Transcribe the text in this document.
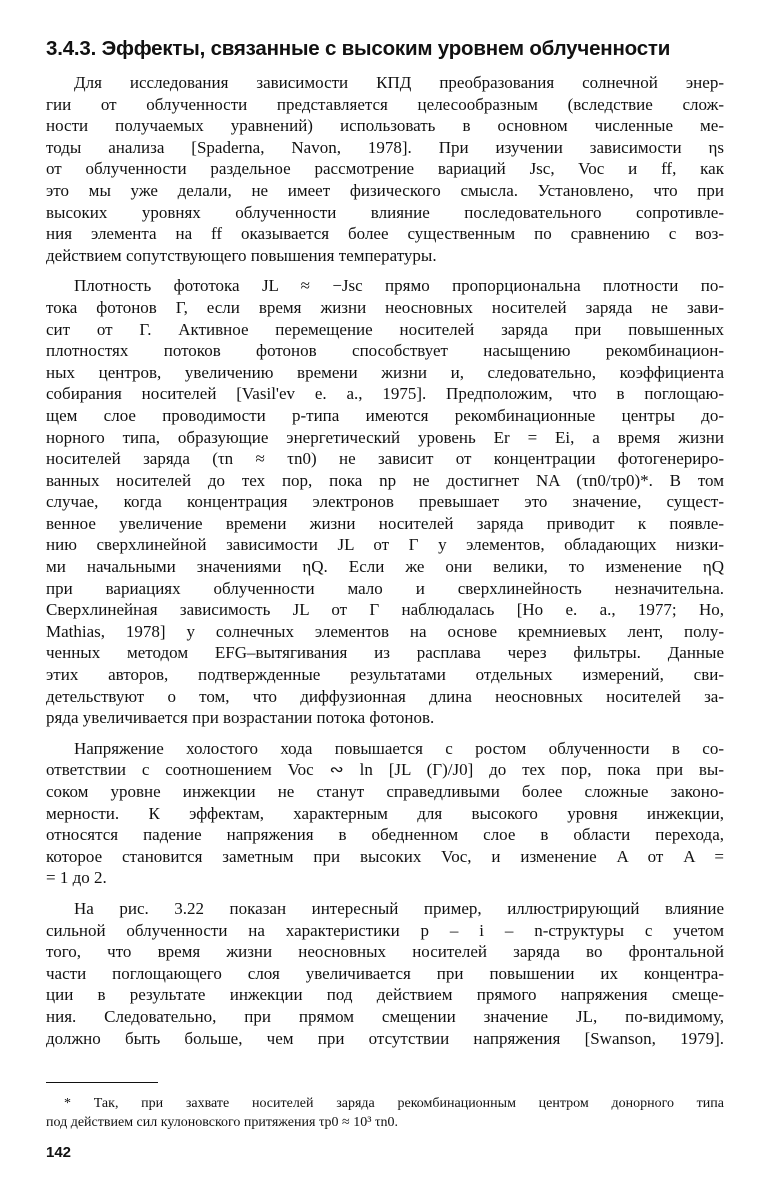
3.4.3. Эффекты, связанные с высоким уровнем облученности
Для исследования зависимости КПД преобразования солнечной энер-
гии от облученности представляется целесообразным (вследствие слож-
ности получаемых уравнений) использовать в основном численные ме-
тоды анализа [Spaderna, Navon, 1978]. При изучении зависимости ηs
от облученности раздельное рассмотрение вариаций Jsc, Voc и ff, как
это мы уже делали, не имеет физического смысла. Установлено, что при
высоких уровнях облученности влияние последовательного сопротивле-
ния элемента на ff оказывается более существенным по сравнению с воз-
действием сопутствующего повышения температуры.
Плотность фототока JL ≈ −Jsc прямо пропорциональна плотности по-
тока фотонов Γ, если время жизни неосновных носителей заряда не зави-
сит от Γ. Активное перемещение носителей заряда при повышенных
плотностях потоков фотонов способствует насыщению рекомбинацион-
ных центров, увеличению времени жизни и, следовательно, коэффициента
собирания носителей [Vasil'ev e. a., 1975]. Предположим, что в поглощаю-
щем слое проводимости p-типа имеются рекомбинационные центры до-
норного типа, образующие энергетический уровень Er = Ei, а время жизни
носителей заряда (τn ≈ τn0) не зависит от концентрации фотогенериро-
ванных носителей до тех пор, пока np не достигнет NA (τn0/τp0)*. В том
случае, когда концентрация электронов превышает это значение, сущест-
венное увеличение времени жизни носителей заряда приводит к появле-
нию сверхлинейной зависимости JL от Γ у элементов, обладающих низки-
ми начальными значениями ηQ. Если же они велики, то изменение ηQ
при вариациях облученности мало и сверхлинейность незначительна.
Сверхлинейная зависимость JL от Γ наблюдалась [Ho e. a., 1977; Ho,
Mathias, 1978] у солнечных элементов на основе кремниевых лент, полу-
ченных методом EFG–вытягивания из расплава через фильтры. Данные
этих авторов, подтвержденные результатами отдельных измерений, сви-
детельствуют о том, что диффузионная длина неосновных носителей за-
ряда увеличивается при возрастании потока фотонов.
Напряжение холостого хода повышается с ростом облученности в со-
ответствии с соотношением Voc ∾ ln [JL (Γ)/J0] до тех пор, пока при вы-
соком уровне инжекции не станут справедливыми более сложные законо-
мерности. К эффектам, характерным для высокого уровня инжекции,
относятся падение напряжения в обедненном слое в области перехода,
которое становится заметным при высоких Voc, и изменение A от A =
= 1 до 2.
На рис. 3.22 показан интересный пример, иллюстрирующий влияние
сильной облученности на характеристики p – i – n-структуры с учетом
того, что время жизни неосновных носителей заряда во фронтальной
части поглощающего слоя увеличивается при повышении их концентра-
ции в результате инжекции под действием прямого напряжения смеще-
ния. Следовательно, при прямом смещении значение JL, по-видимому,
должно быть больше, чем при отсутствии напряжения [Swanson, 1979].
* Так, при захвате носителей заряда рекомбинационным центром донорного типа
под действием сил кулоновского притяжения τp0 ≈ 10³ τn0.
142
